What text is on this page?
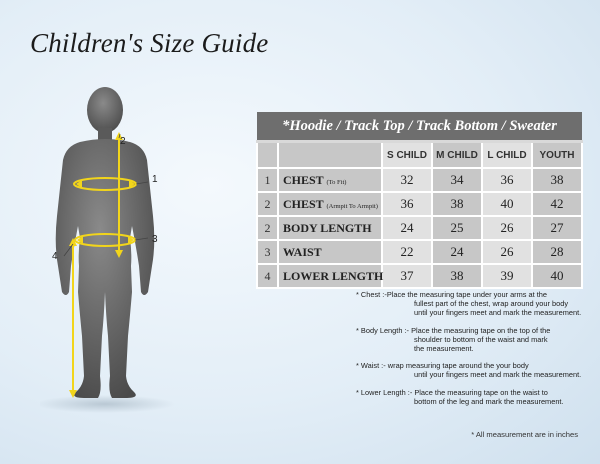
Children's Size Guide
1
2
3
4
*Hoodie / Track Top / Track Bottom / Sweater					
		S CHILD	M CHILD	L CHILD	YOUTH
1	CHEST (To Fit)	32	34	36	38
2	CHEST (Armpit To Armpit)	36	38	40	42
2	BODY LENGTH	24	25	26	27
3	WAIST	22	24	26	28
4	LOWER LENGTH	37	38	39	40
* Chest :-Place the measuring tape under your arms at the
fullest part of the chest, wrap around your body
until your fingers meet and mark the measurement.
* Body Length :- Place the measuring tape on the top of the
shoulder to bottom of the waist and mark
the measurement.
* Waist :- wrap measuring tape around the your body
until your fingers meet and mark the measurement.
* Lower Length :- Place the measuring tape on the waist to
bottom of the leg and mark the measurement.
* All measurement are in inches
